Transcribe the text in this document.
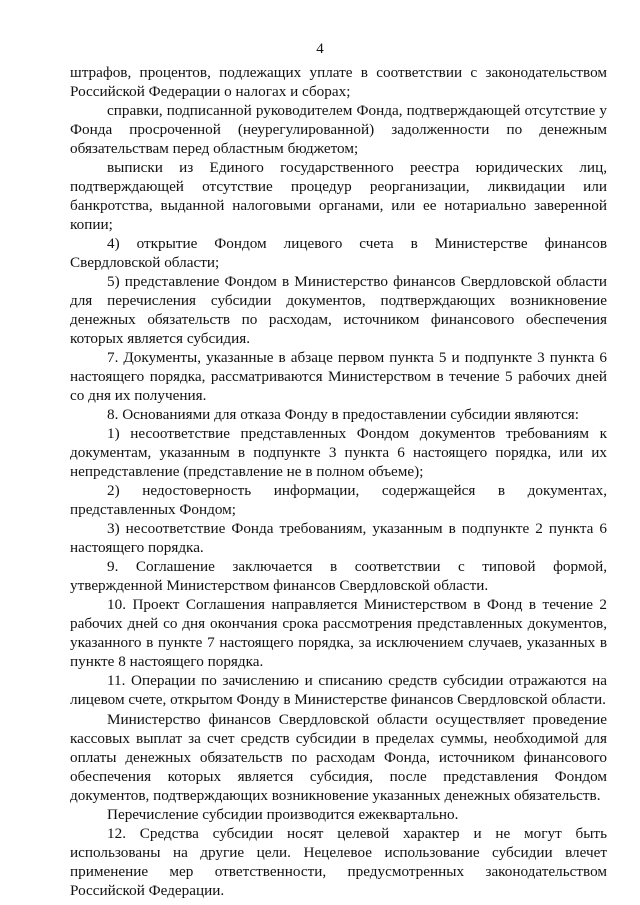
4

штрафов, процентов, подлежащих уплате в соответствии с законодательством Российской Федерации о налогах и сборах;

справки, подписанной руководителем Фонда, подтверждающей отсутствие у Фонда просроченной (неурегулированной) задолженности по денежным обязательствам перед областным бюджетом;

выписки из Единого государственного реестра юридических лиц, подтверждающей отсутствие процедур реорганизации, ликвидации или банкротства, выданной налоговыми органами, или ее нотариально заверенной копии;

4) открытие Фондом лицевого счета в Министерстве финансов Свердловской области;

5) представление Фондом в Министерство финансов Свердловской области для перечисления субсидии документов, подтверждающих возникновение денежных обязательств по расходам, источником финансового обеспечения которых является субсидия.

7. Документы, указанные в абзаце первом пункта 5 и подпункте 3 пункта 6 настоящего порядка, рассматриваются Министерством в течение 5 рабочих дней со дня их получения.

8. Основаниями для отказа Фонду в предоставлении субсидии являются:

1) несоответствие представленных Фондом документов требованиям к документам, указанным в подпункте 3 пункта 6 настоящего порядка, или их непредставление (представление не в полном объеме);

2) недостоверность информации, содержащейся в документах, представленных Фондом;

3) несоответствие Фонда требованиям, указанным в подпункте 2 пункта 6 настоящего порядка.

9. Соглашение заключается в соответствии с типовой формой, утвержденной Министерством финансов Свердловской области.

10. Проект Соглашения направляется Министерством в Фонд в течение 2 рабочих дней со дня окончания срока рассмотрения представленных документов, указанного в пункте 7 настоящего порядка, за исключением случаев, указанных в пункте 8 настоящего порядка.

11. Операции по зачислению и списанию средств субсидии отражаются на лицевом счете, открытом Фонду в Министерстве финансов Свердловской области.

Министерство финансов Свердловской области осуществляет проведение кассовых выплат за счет средств субсидии в пределах суммы, необходимой для оплаты денежных обязательств по расходам Фонда, источником финансового обеспечения которых является субсидия, после представления Фондом документов, подтверждающих возникновение указанных денежных обязательств.

Перечисление субсидии производится ежеквартально.

12. Средства субсидии носят целевой характер и не могут быть использованы на другие цели. Нецелевое использование субсидии влечет применение мер ответственности, предусмотренных законодательством Российской Федерации.
